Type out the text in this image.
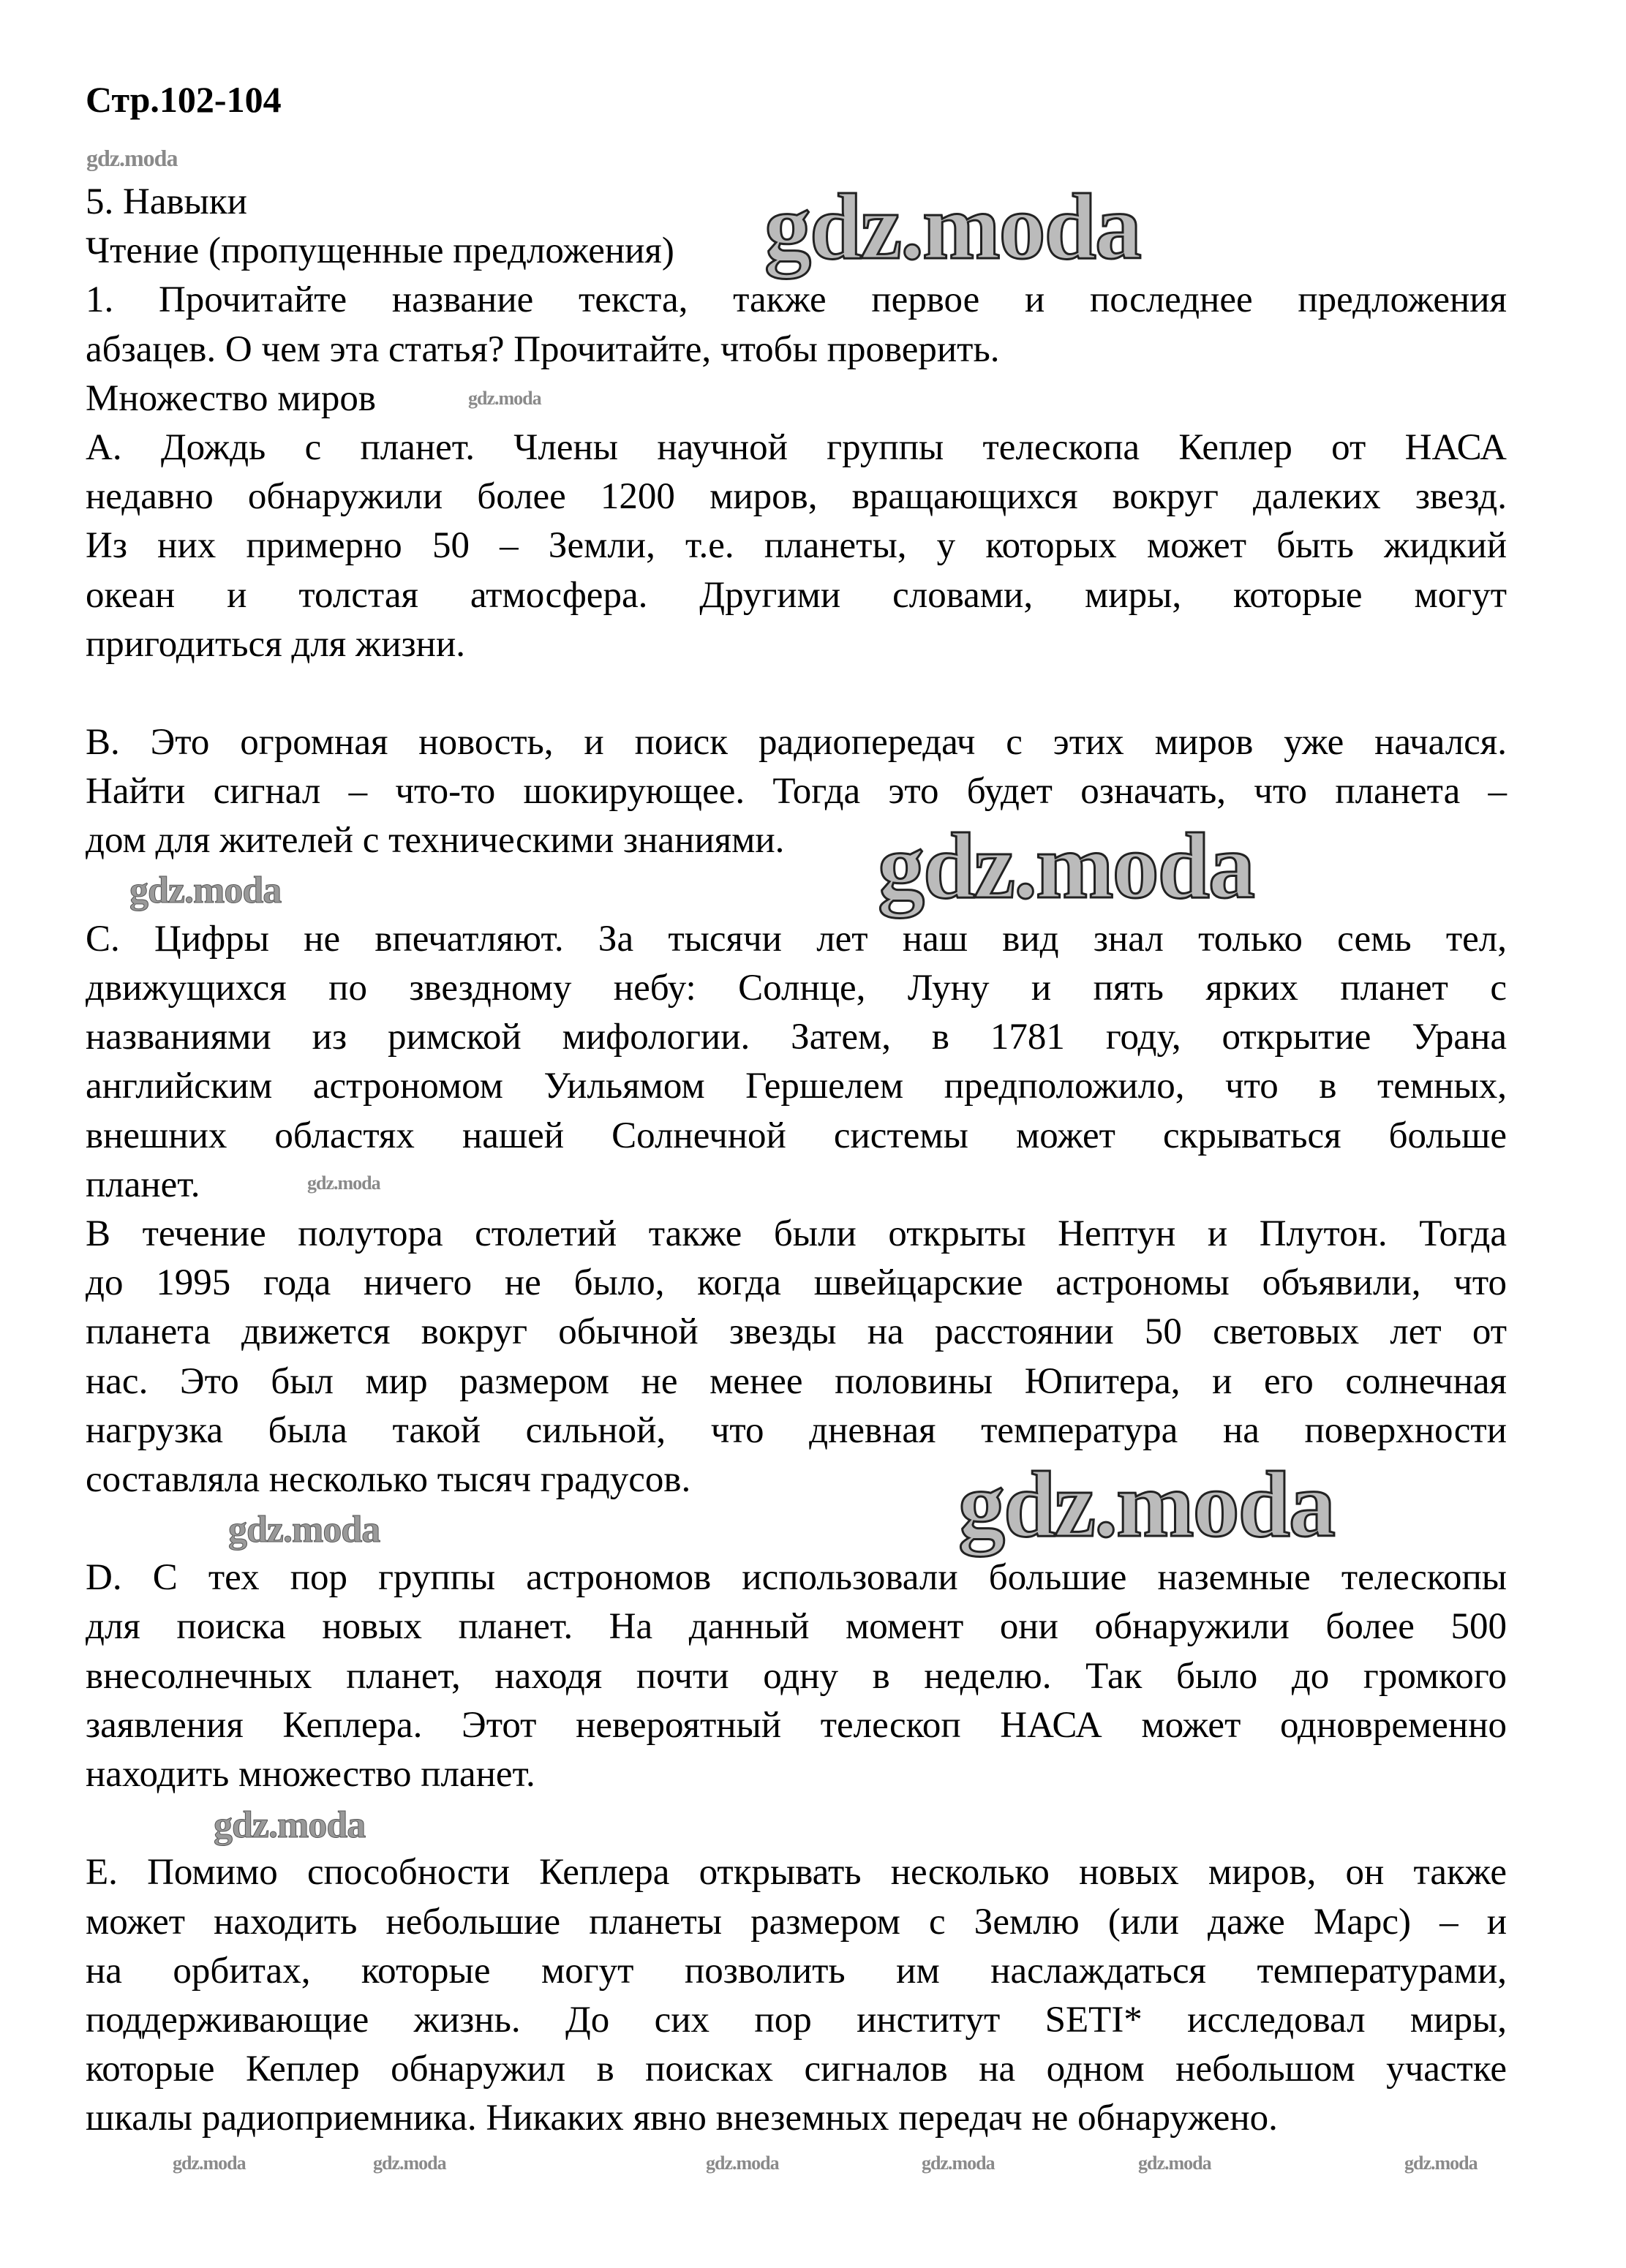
Стр.102-104
5. Навыки
Чтение (пропущенные предложения)
1. Прочитайте название текста, также первое и последнее предложения
абзацев. О чем эта статья? Прочитайте, чтобы проверить.
Множество миров
A. Дождь с планет. Члены научной группы телескопа Кеплер от НАСА
недавно обнаружили более 1200 миров, вращающихся вокруг далеких звезд.
Из них примерно 50 – Земли, т.е. планеты, у которых может быть жидкий
океан и толстая атмосфера. Другими словами, миры, которые могут
пригодиться для жизни.
B. Это огромная новость, и поиск радиопередач с этих миров уже начался.
Найти сигнал – что-то шокирующее. Тогда это будет означать, что планета –
дом для жителей с техническими знаниями.
C. Цифры не впечатляют. За тысячи лет наш вид знал только семь тел,
движущихся по звездному небу: Солнце, Луну и пять ярких планет с
названиями из римской мифологии. Затем, в 1781 году, открытие Урана
английским астрономом Уильямом Гершелем предположило, что в темных,
внешних областях нашей Солнечной системы может скрываться больше
планет.
В течение полутора столетий также были открыты Нептун и Плутон. Тогда
до 1995 года ничего не было, когда швейцарские астрономы объявили, что
планета движется вокруг обычной звезды на расстоянии 50 световых лет от
нас. Это был мир размером не менее половины Юпитера, и его солнечная
нагрузка была такой сильной, что дневная температура на поверхности
составляла несколько тысяч градусов.
D. С тех пор группы астрономов использовали большие наземные телескопы
для поиска новых планет. На данный момент они обнаружили более 500
внесолнечных планет, находя почти одну в неделю. Так было до громкого
заявления Кеплера. Этот невероятный телескоп НАСА может одновременно
находить множество планет.
E. Помимо способности Кеплера открывать несколько новых миров, он также
может находить небольшие планеты размером с Землю (или даже Марс) – и
на орбитах, которые могут позволить им наслаждаться температурами,
поддерживающие жизнь. До сих пор институт SETI* исследовал миры,
которые Кеплер обнаружил в поисках сигналов на одном небольшом участке
шкалы радиоприемника. Никаких явно внеземных передач не обнаружено.
gdz.moda
gdz.moda
gdz.moda
gdz.moda
gdz.moda
gdz.moda
gdz.moda
gdz.moda
gdz.moda
gdz.moda	gdz.moda	gdz.moda	gdz.moda	gdz.moda	gdz.moda
